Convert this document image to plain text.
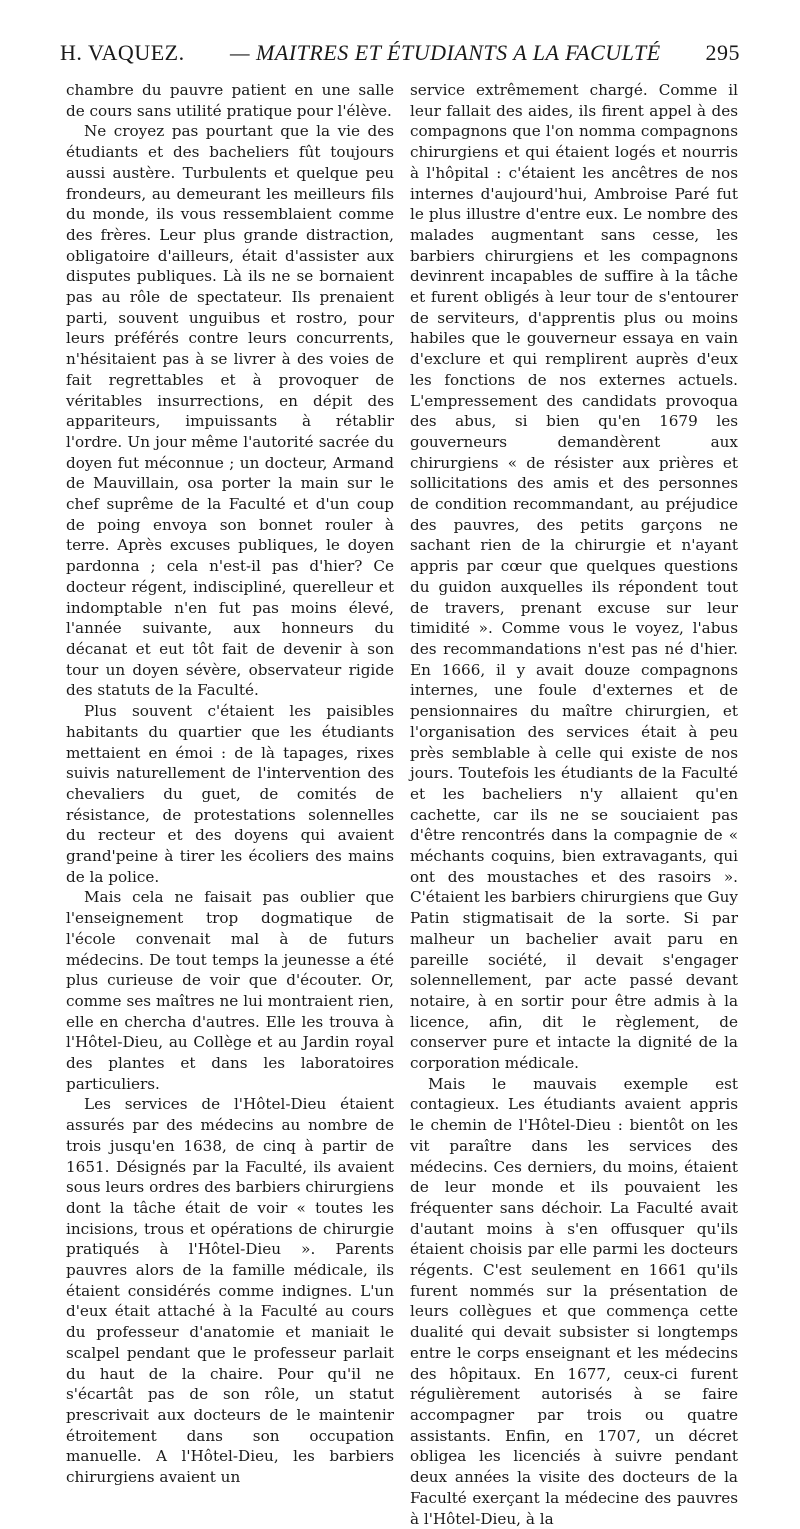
H. VAQUEZ. — MAITRES ET ÉTUDIANTS A LA FACULTÉ 295

chambre du pauvre patient en une salle de cours sans utilité pratique pour l'élève.

Ne croyez pas pourtant que la vie des étudiants et des bacheliers fût toujours aussi austère. Turbulents et quelque peu frondeurs, au demeurant les meilleurs fils du monde, ils vous ressemblaient comme des frères. Leur plus grande distraction, obligatoire d'ailleurs, était d'assister aux disputes publiques. Là ils ne se bornaient pas au rôle de spectateur. Ils prenaient parti, souvent unguibus et rostro, pour leurs préférés contre leurs concurrents, n'hésitaient pas à se livrer à des voies de fait regrettables et à provoquer de véritables insurrections, en dépit des appariteurs, impuissants à rétablir l'ordre. Un jour même l'autorité sacrée du doyen fut méconnue ; un docteur, Armand de Mauvillain, osa porter la main sur le chef suprême de la Faculté et d'un coup de poing envoya son bonnet rouler à terre. Après excuses publiques, le doyen pardonna ; cela n'est-il pas d'hier? Ce docteur régent, indiscipliné, querelleur et indomptable n'en fut pas moins élevé, l'année suivante, aux honneurs du décanat et eut tôt fait de devenir à son tour un doyen sévère, observateur rigide des statuts de la Faculté.

Plus souvent c'étaient les paisibles habitants du quartier que les étudiants mettaient en émoi : de là tapages, rixes suivis naturellement de l'intervention des chevaliers du guet, de comités de résistance, de protestations solennelles du recteur et des doyens qui avaient grand'peine à tirer les écoliers des mains de la police.

Mais cela ne faisait pas oublier que l'enseignement trop dogmatique de l'école convenait mal à de futurs médecins. De tout temps la jeunesse a été plus curieuse de voir que d'écouter. Or, comme ses maîtres ne lui montraient rien, elle en chercha d'autres. Elle les trouva à l'Hôtel-Dieu, au Collège et au Jardin royal des plantes et dans les laboratoires particuliers.

Les services de l'Hôtel-Dieu étaient assurés par des médecins au nombre de trois jusqu'en 1638, de cinq à partir de 1651. Désignés par la Faculté, ils avaient sous leurs ordres des barbiers chirurgiens dont la tâche était de voir « toutes les incisions, trous et opérations de chirurgie pratiqués à l'Hôtel-Dieu ». Parents pauvres alors de la famille médicale, ils étaient considérés comme indignes. L'un d'eux était attaché à la Faculté au cours du professeur d'anatomie et maniait le scalpel pendant que le professeur parlait du haut de la chaire. Pour qu'il ne s'écartât pas de son rôle, un statut prescrivait aux docteurs de le maintenir étroitement dans son occupation manuelle. A l'Hôtel-Dieu, les barbiers chirurgiens avaient un

service extrêmement chargé. Comme il leur fallait des aides, ils firent appel à des compagnons que l'on nomma compagnons chirurgiens et qui étaient logés et nourris à l'hôpital : c'étaient les ancêtres de nos internes d'aujourd'hui, Ambroise Paré fut le plus illustre d'entre eux. Le nombre des malades augmentant sans cesse, les barbiers chirurgiens et les compagnons devinrent incapables de suffire à la tâche et furent obligés à leur tour de s'entourer de serviteurs, d'apprentis plus ou moins habiles que le gouverneur essaya en vain d'exclure et qui remplirent auprès d'eux les fonctions de nos externes actuels. L'empressement des candidats provoqua des abus, si bien qu'en 1679 les gouverneurs demandèrent aux chirurgiens « de résister aux prières et sollicitations des amis et des personnes de condition recommandant, au préjudice des pauvres, des petits garçons ne sachant rien de la chirurgie et n'ayant appris par cœur que quelques questions du guidon auxquelles ils répondent tout de travers, prenant excuse sur leur timidité ». Comme vous le voyez, l'abus des recommandations n'est pas né d'hier. En 1666, il y avait douze compagnons internes, une foule d'externes et de pensionnaires du maître chirurgien, et l'organisation des services était à peu près semblable à celle qui existe de nos jours. Toutefois les étudiants de la Faculté et les bacheliers n'y allaient qu'en cachette, car ils ne se souciaient pas d'être rencontrés dans la compagnie de « méchants coquins, bien extravagants, qui ont des moustaches et des rasoirs ». C'étaient les barbiers chirurgiens que Guy Patin stigmatisait de la sorte. Si par malheur un bachelier avait paru en pareille société, il devait s'engager solennellement, par acte passé devant notaire, à en sortir pour être admis à la licence, afin, dit le règlement, de conserver pure et intacte la dignité de la corporation médicale.

Mais le mauvais exemple est contagieux. Les étudiants avaient appris le chemin de l'Hôtel-Dieu : bientôt on les vit paraître dans les services des médecins. Ces derniers, du moins, étaient de leur monde et ils pouvaient les fréquenter sans déchoir. La Faculté avait d'autant moins à s'en offusquer qu'ils étaient choisis par elle parmi les docteurs régents. C'est seulement en 1661 qu'ils furent nommés sur la présentation de leurs collègues et que commença cette dualité qui devait subsister si longtemps entre le corps enseignant et les médecins des hôpitaux. En 1677, ceux-ci furent régulièrement autorisés à se faire accompagner par trois ou quatre assistants. Enfin, en 1707, un décret obligea les licenciés à suivre pendant deux années la visite des docteurs de la Faculté exerçant la médecine des pauvres à l'Hôtel-Dieu, à la
